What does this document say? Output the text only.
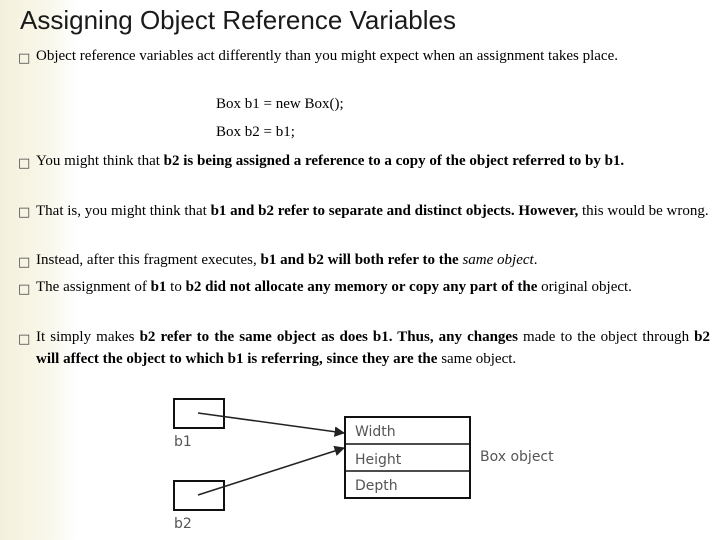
Assigning Object Reference Variables
□ Object reference variables act differently than you might expect when an assignment takes place.
Box b1 = new Box();
Box b2 = b1;
□ You might think that b2 is being assigned a reference to a copy of the object referred to by b1.
□ That is, you might think that b1 and b2 refer to separate and distinct objects. However, this would be wrong.
□ Instead, after this fragment executes, b1 and b2 will both refer to the same object.
□ The assignment of b1 to b2 did not allocate any memory or copy any part of the original object.
□ It simply makes b2 refer to the same object as does b1. Thus, any changes made to the object through b2 will affect the object to which b1 is referring, since they are the same object.
b1
b2
Width
Height
Depth
Box object
